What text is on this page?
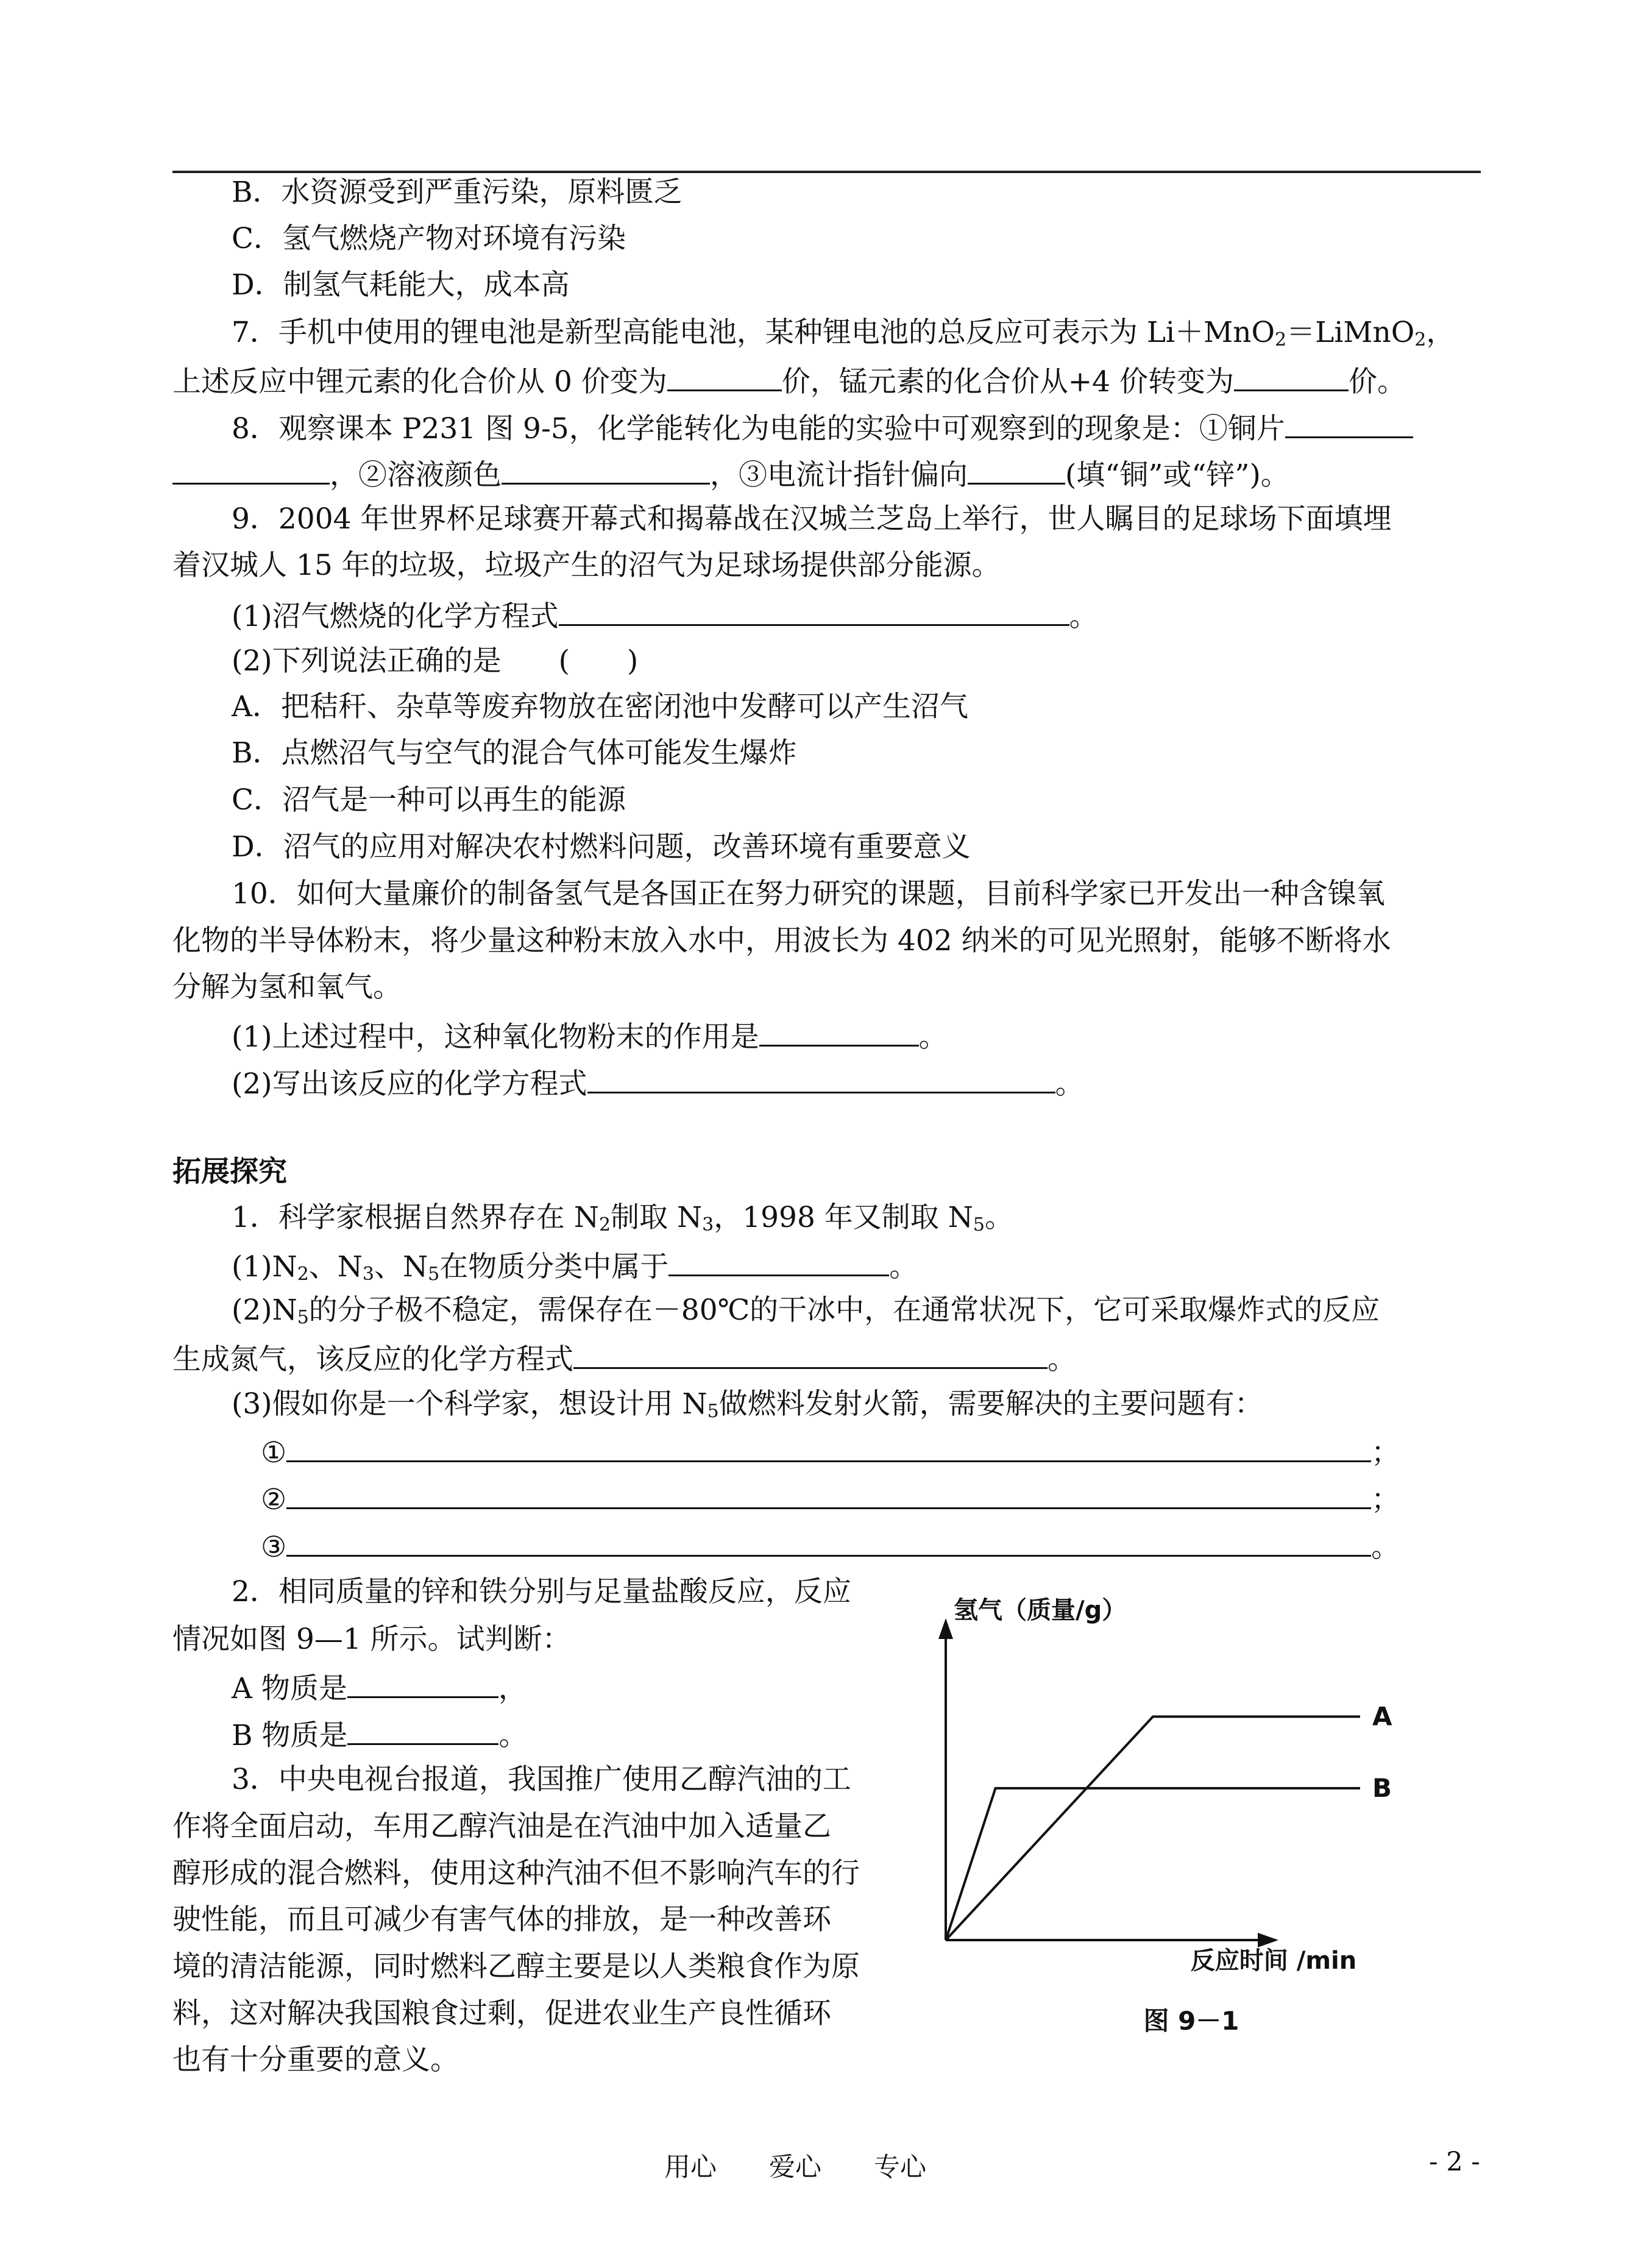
B．水资源受到严重污染，原料匮乏
C．氢气燃烧产物对环境有污染
D．制氢气耗能大，成本高
7．手机中使用的锂电池是新型高能电池，某种锂电池的总反应可表示为 Li＋MnO$_2$＝LiMnO$_2$，
上述反应中锂元素的化合价从 0 价变为	价，锰元素的化合价从+4 价转变为	价。
8．观察课本 P231 图 9-5，化学能转化为电能的实验中可观察到的现象是：①铜片
，②溶液颜色	，③电流计指针偏向	(填“铜”或“锌”)。
9．2004 年世界杯足球赛开幕式和揭幕战在汉城兰芝岛上举行，世人瞩目的足球场下面填埋
着汉城人 15 年的垃圾，垃圾产生的沼气为足球场提供部分能源。
(1)沼气燃烧的化学方程式	。
(2)下列说法正确的是　　(　　)
A．把秸秆、杂草等废弃物放在密闭池中发酵可以产生沼气
B．点燃沼气与空气的混合气体可能发生爆炸
C．沼气是一种可以再生的能源
D．沼气的应用对解决农村燃料问题，改善环境有重要意义
10．如何大量廉价的制备氢气是各国正在努力研究的课题，目前科学家已开发出一种含镍氧
化物的半导体粉末，将少量这种粉末放入水中，用波长为 402 纳米的可见光照射，能够不断将水
分解为氢和氧气。
(1)上述过程中，这种氧化物粉末的作用是	。
(2)写出该反应的化学方程式	。
拓展探究
1．科学家根据自然界存在 $N_2$制取 $N_3$，1998 年又制取 $N_5$。
$(1)N_2$、$N_3$、$N_5$在物质分类中属于	。
$(2)N_5$的分子极不稳定，需保存在－80℃的干冰中，在通常状况下，它可采取爆炸式的反应
生成氮气，该反应的化学方程式	。
(3)假如你是一个科学家，想设计用 $N_5$做燃料发射火箭，需要解决的主要问题有：
①	；
②	；
③	。
2．相同质量的锌和铁分别与足量盐酸反应，反应
情况如图 9—1 所示。试判断：
A 物质是	，
B 物质是	。
3．中央电视台报道，我国推广使用乙醇汽油的工
作将全面启动，车用乙醇汽油是在汽油中加入适量乙
醇形成的混合燃料，使用这种汽油不但不影响汽车的行
驶性能，而且可减少有害气体的排放，是一种改善环
境的清洁能源，同时燃料乙醇主要是以人类粮食作为原
料，这对解决我国粮食过剩，促进农业生产良性循环
也有十分重要的意义。
A
B
氢气（质量/g）
反应时间 /min
图 9－1
用心　　爱心　　专心	- 2 -
